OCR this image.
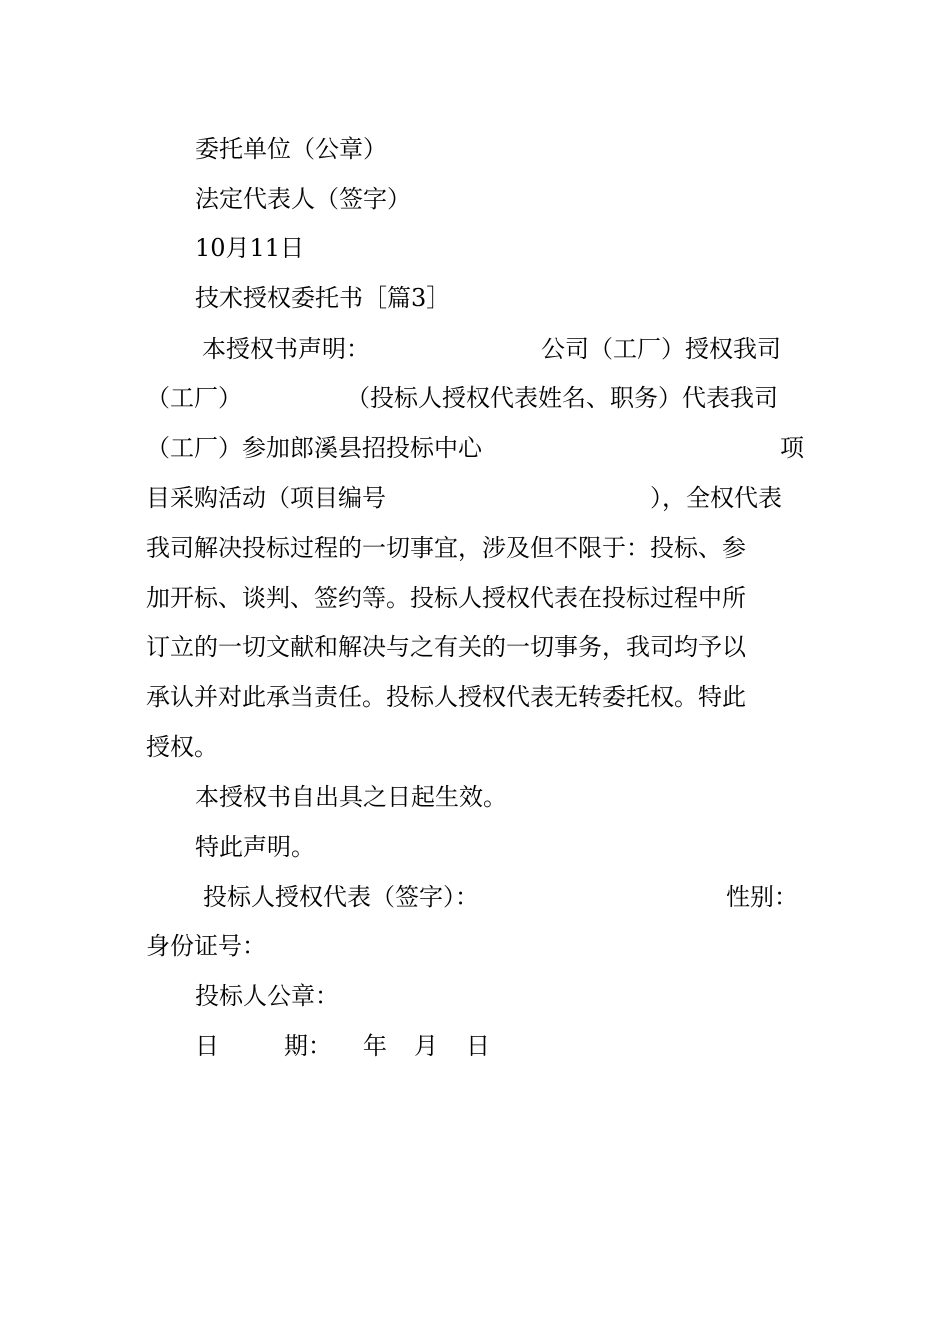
委托单位（公章）
法定代表人（签字）
10月11日
技术授权委托书［篇3］
本授权书声明：	公司（工厂）授权我司
（工厂）	（投标人授权代表姓名、职务）代表我司
（工厂）参加郎溪县招投标中心	项
目采购活动（项目编号	），全权代表
我司解决投标过程的一切事宜，涉及但不限于：投标、参
加开标、谈判、签约等。投标人授权代表在投标过程中所
订立的一切文献和解决与之有关的一切事务，我司均予以
承认并对此承当责任。投标人授权代表无转委托权。特此
授权。
本授权书自出具之日起生效。
特此声明。
投标人授权代表（签字）：	性别：
身份证号：
投标人公章：
日	期： 年 月 日
